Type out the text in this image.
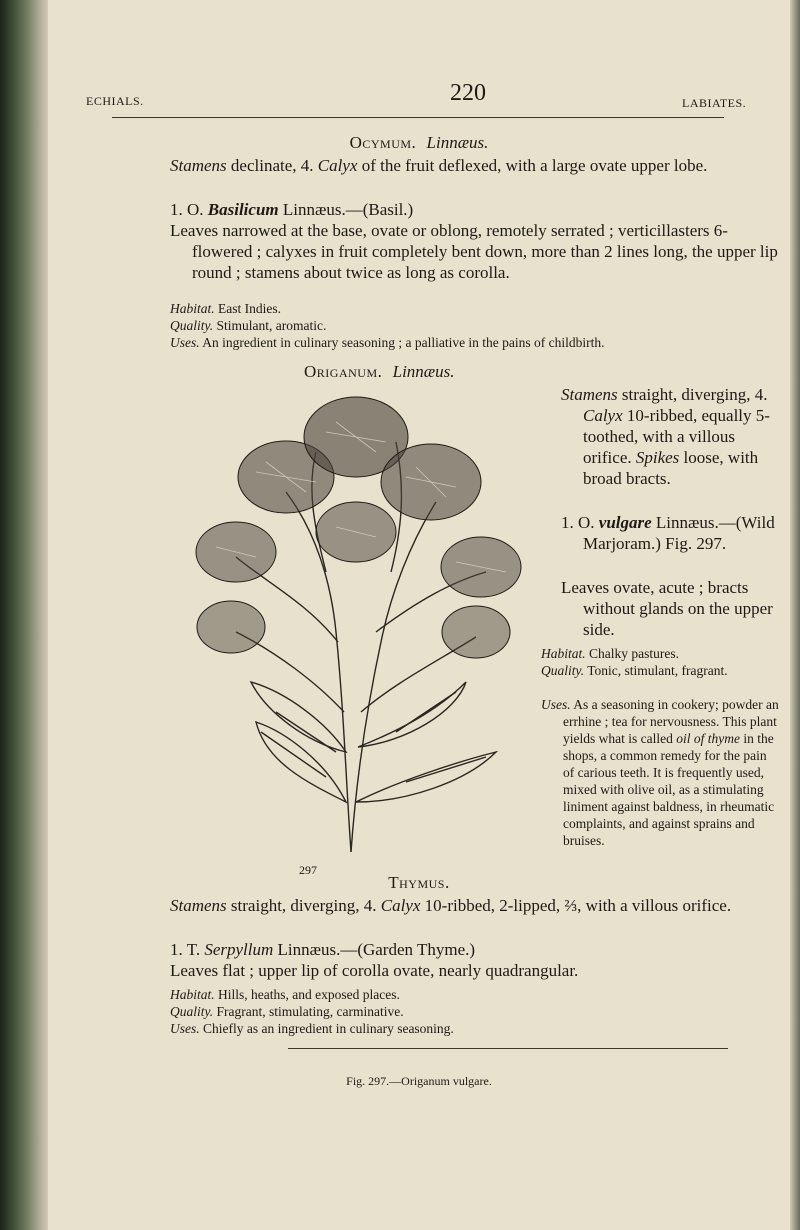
ECHIALS.	220	LABIATES.
Ocymum. Linnæus.
Stamens declinate, 4. Calyx of the fruit deflexed, with a large ovate upper lobe.
1. O. Basilicum Linnæus.—(Basil.)
Leaves narrowed at the base, ovate or oblong, remotely serrated ; verticillasters 6-flowered ; calyxes in fruit completely bent down, more than 2 lines long, the upper lip round ; stamens about twice as long as corolla.
Habitat. East Indies.
Quality. Stimulant, aromatic.
Uses. An ingredient in culinary seasoning ; a palliative in the pains of childbirth.
Origanum. Linnæus.
297
Stamens straight, diverging, 4. Calyx 10-ribbed, equally 5-toothed, with a villous orifice. Spikes loose, with broad bracts.
1. O. vulgare Linnæus.—(Wild Marjoram.) Fig. 297.
Leaves ovate, acute ; bracts without glands on the upper side.
Habitat. Chalky pastures.
Quality. Tonic, stimulant, fragrant.
Uses. As a seasoning in cookery; powder an errhine ; tea for nervousness. This plant yields what is called oil of thyme in the shops, a common remedy for the pain of carious teeth. It is frequently used, mixed with olive oil, as a stimulating liniment against baldness, in rheumatic complaints, and against sprains and bruises.
Thymus.
Stamens straight, diverging, 4. Calyx 10-ribbed, 2-lipped, ⅔, with a villous orifice.
1. T. Serpyllum Linnæus.—(Garden Thyme.)
Leaves flat ; upper lip of corolla ovate, nearly quadrangular.
Habitat. Hills, heaths, and exposed places.
Quality. Fragrant, stimulating, carminative.
Uses. Chiefly as an ingredient in culinary seasoning.
Fig. 297.—Origanum vulgare.
